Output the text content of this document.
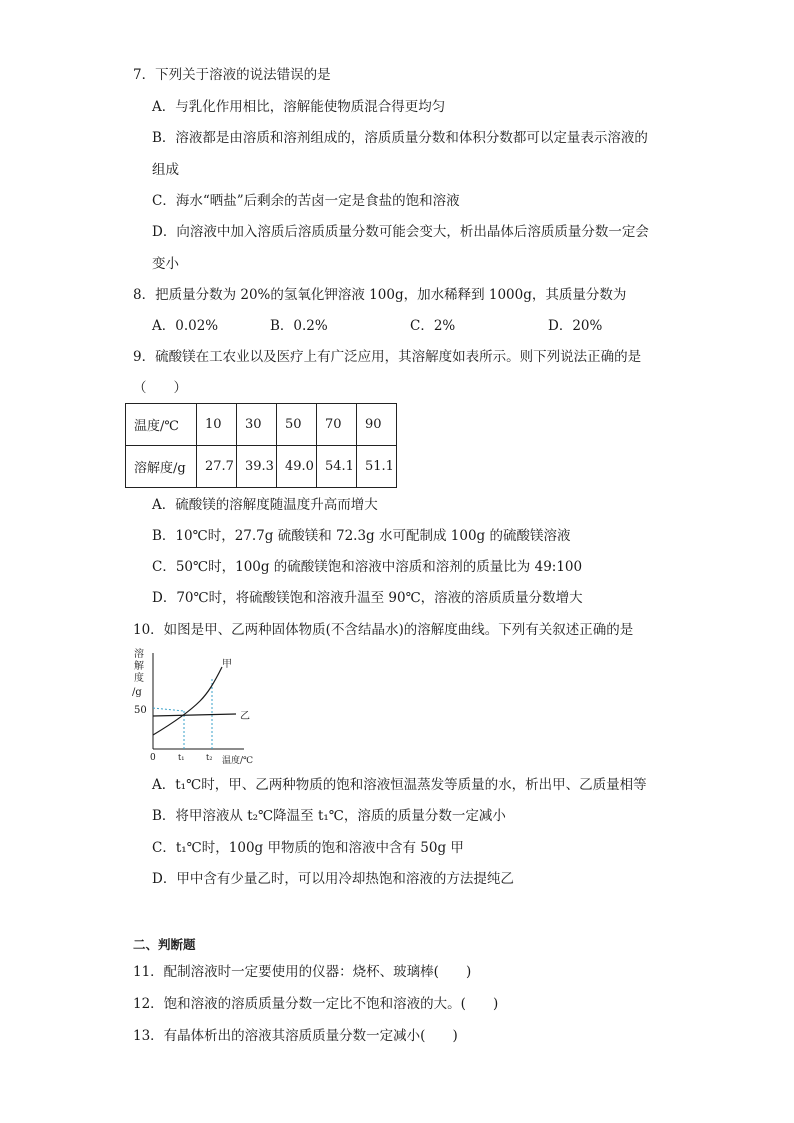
7．下列关于溶液的说法错误的是
A．与乳化作用相比，溶解能使物质混合得更均匀
B．溶液都是由溶质和溶剂组成的，溶质质量分数和体积分数都可以定量表示溶液的
组成
C．海水“晒盐”后剩余的苦卤一定是食盐的饱和溶液
D．向溶液中加入溶质后溶质质量分数可能会变大，析出晶体后溶质质量分数一定会
变小
8．把质量分数为 20%的氢氧化钾溶液 100g，加水稀释到 1000g，其质量分数为
A．0.02%	B．0.2%	C．2%	D．20%
9．硫酸镁在工农业以及医疗上有广泛应用，其溶解度如表所示。则下列说法正确的是
（　　）
温度/℃	10	30	50	70	90
溶解度/g	27.7	39.3	49.0	54.1	51.1
A．硫酸镁的溶解度随温度升高而增大
B．10℃时，27.7g 硫酸镁和 72.3g 水可配制成 100g 的硫酸镁溶液
C．50℃时，100g 的硫酸镁饱和溶液中溶质和溶剂的质量比为 49:100
D．70℃时，将硫酸镁饱和溶液升温至 90℃，溶液的溶质质量分数增大
10．如图是甲、乙两种固体物质(不含结晶水)的溶解度曲线。下列有关叙述正确的是
溶
解
度
/g
50
0	t₁	t₂ 温度/℃
甲
乙
A．t₁℃时，甲、乙两种物质的饱和溶液恒温蒸发等质量的水，析出甲、乙质量相等
B．将甲溶液从 t₂℃降温至 t₁℃，溶质的质量分数一定减小
C．t₁℃时，100g 甲物质的饱和溶液中含有 50g 甲
D．甲中含有少量乙时，可以用冷却热饱和溶液的方法提纯乙
二、判断题
11．配制溶液时一定要使用的仪器：烧杯、玻璃棒(　　)
12．饱和溶液的溶质质量分数一定比不饱和溶液的大。(　　)
13．有晶体析出的溶液其溶质质量分数一定减小(　　)
